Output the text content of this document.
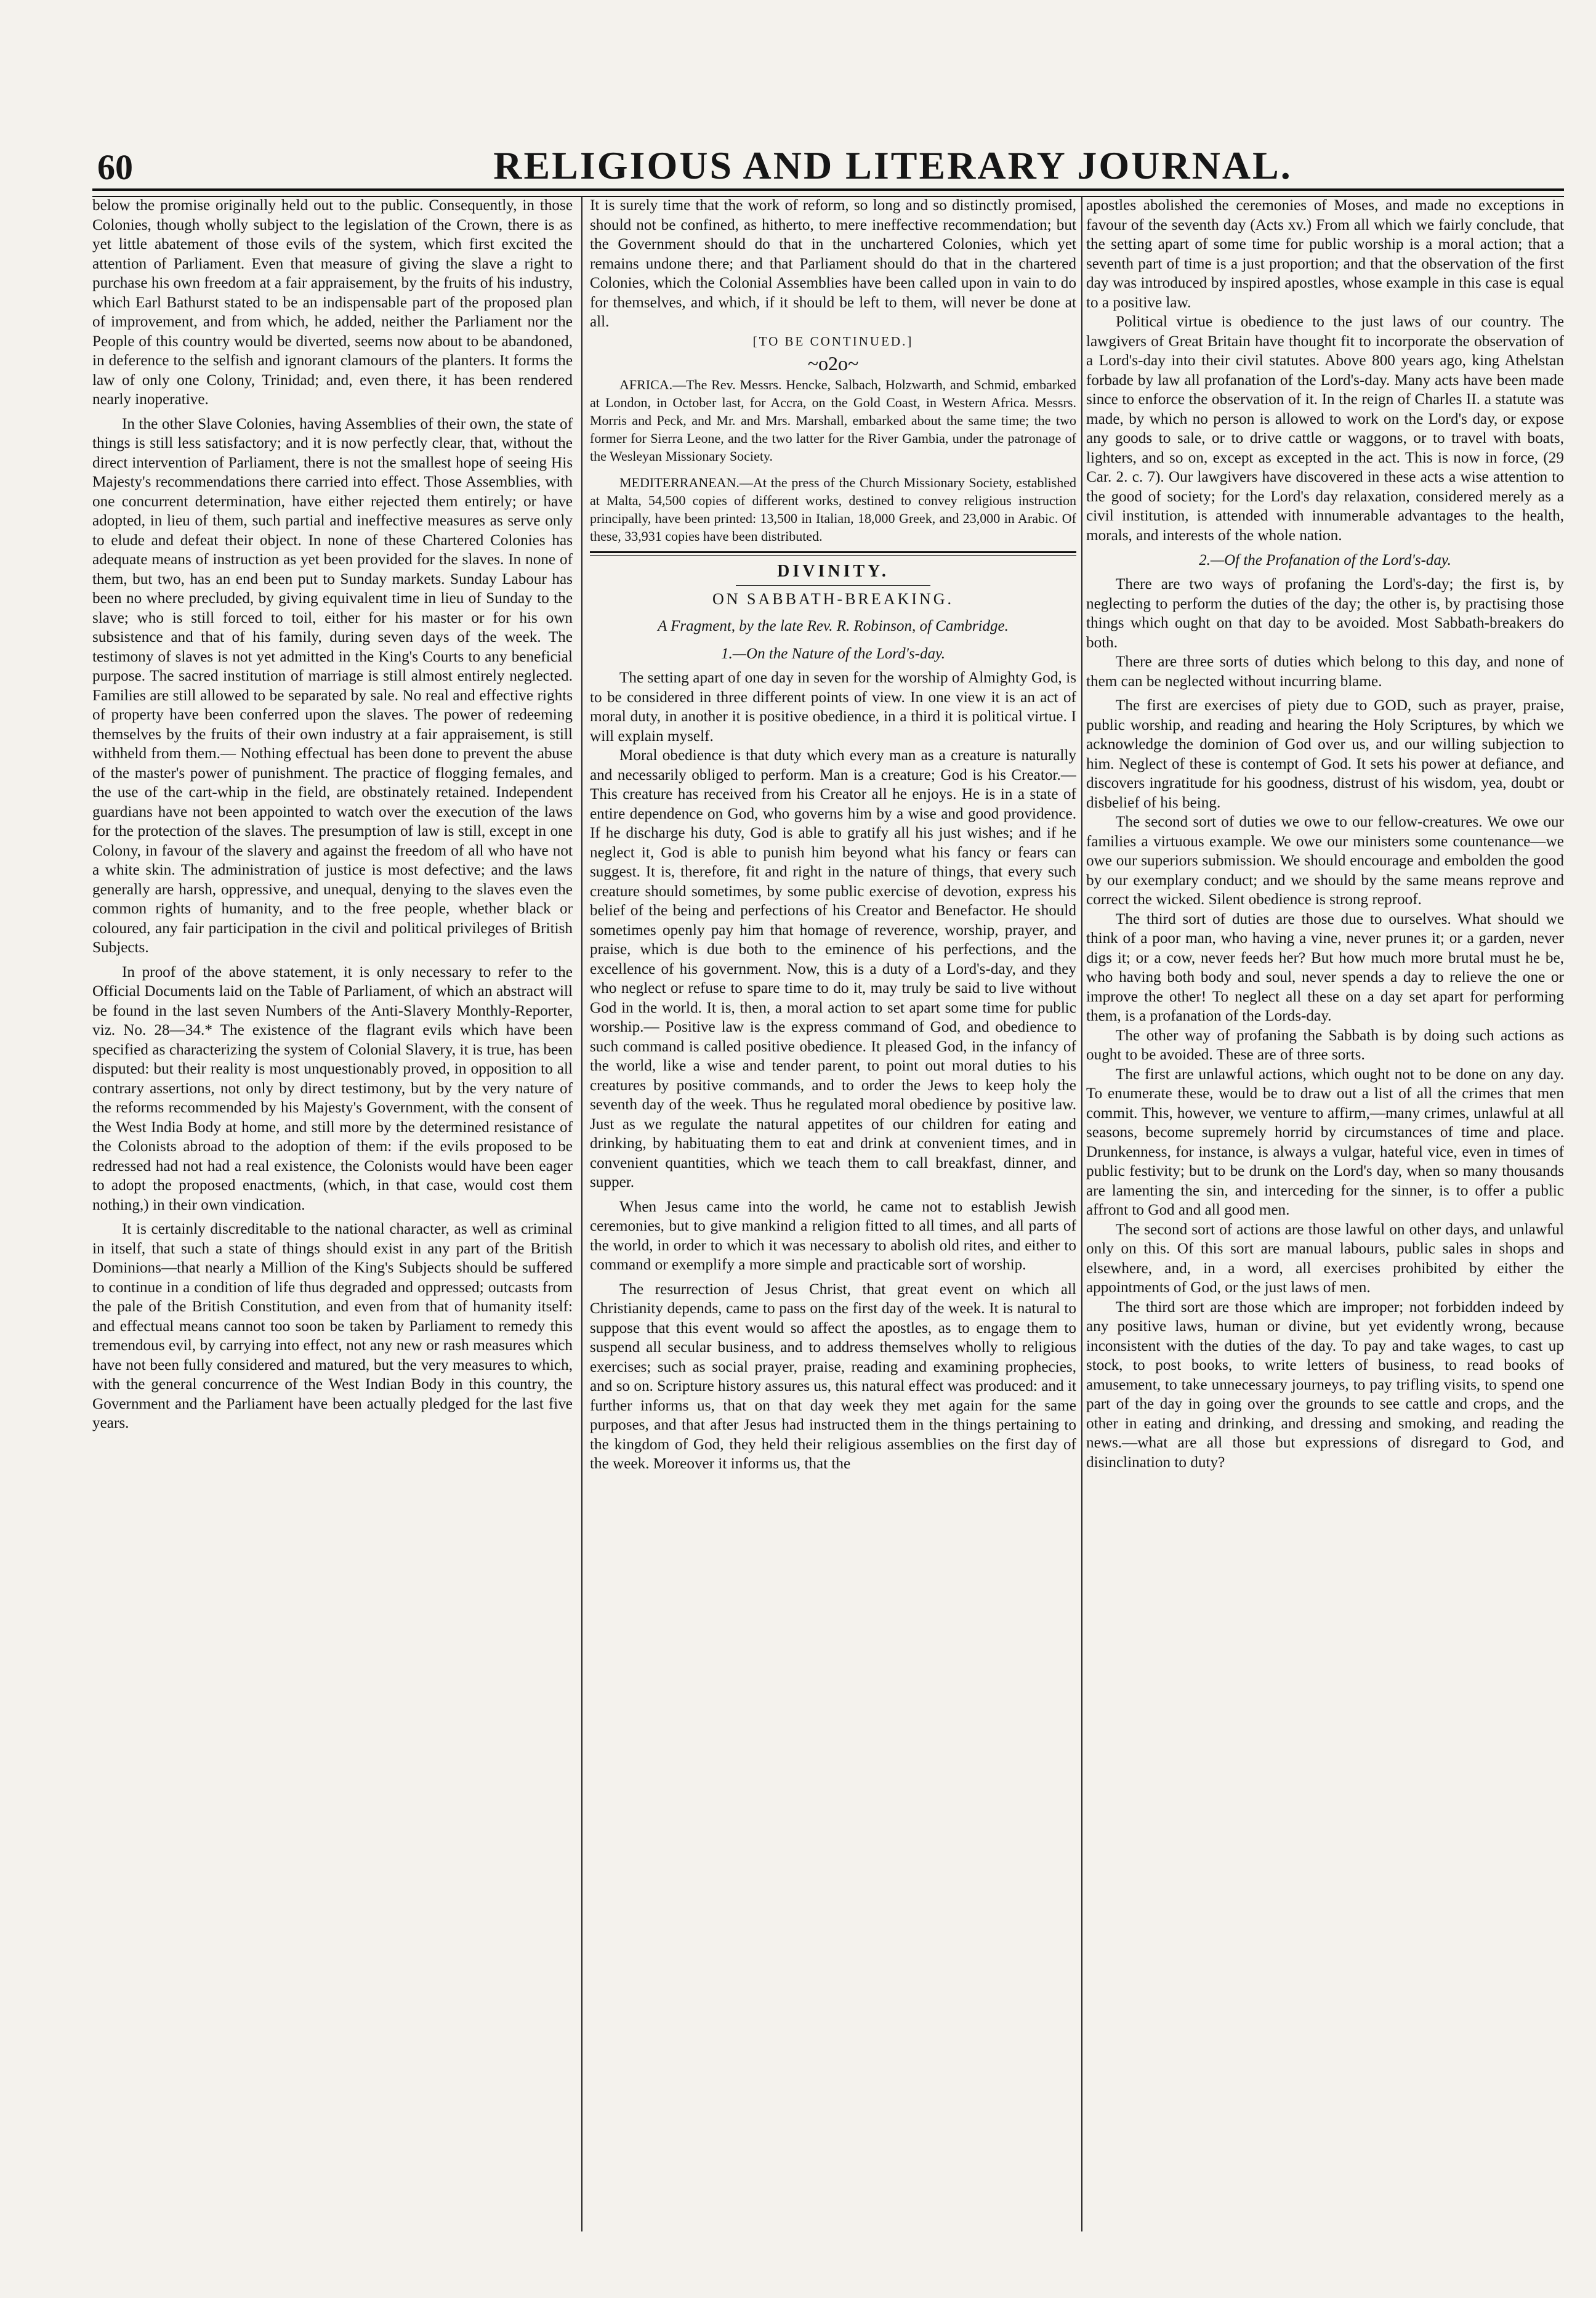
60	RELIGIOUS AND LITERARY JOURNAL.

below the promise originally held out to the public. Consequently, in those Colonies, though wholly subject to the legislation of the Crown, there is as yet little abatement of those evils of the system, which first excited the attention of Parliament. Even that measure of giving the slave a right to purchase his own freedom at a fair appraisement, by the fruits of his industry, which Earl Bathurst stated to be an indispensable part of the proposed plan of improvement, and from which, he added, neither the Parliament nor the People of this country would be diverted, seems now about to be abandoned, in deference to the selfish and ignorant clamours of the planters. It forms the law of only one Colony, Trinidad; and, even there, it has been rendered nearly inoperative.

In the other Slave Colonies, having Assemblies of their own, the state of things is still less satisfactory; and it is now perfectly clear, that, without the direct intervention of Parliament, there is not the smallest hope of seeing His Majesty's recommendations there carried into effect. Those Assemblies, with one concurrent determination, have either rejected them entirely; or have adopted, in lieu of them, such partial and ineffective measures as serve only to elude and defeat their object. In none of these Chartered Colonies has adequate means of instruction as yet been provided for the slaves. In none of them, but two, has an end been put to Sunday markets. Sunday Labour has been no where precluded, by giving equivalent time in lieu of Sunday to the slave; who is still forced to toil, either for his master or for his own subsistence and that of his family, during seven days of the week. The testimony of slaves is not yet admitted in the King's Courts to any beneficial purpose. The sacred institution of marriage is still almost entirely neglected. Families are still allowed to be separated by sale. No real and effective rights of property have been conferred upon the slaves. The power of redeeming themselves by the fruits of their own industry at a fair appraisement, is still withheld from them.— Nothing effectual has been done to prevent the abuse of the master's power of punishment. The practice of flogging females, and the use of the cart-whip in the field, are obstinately retained. Independent guardians have not been appointed to watch over the execution of the laws for the protection of the slaves. The presumption of law is still, except in one Colony, in favour of the slavery and against the freedom of all who have not a white skin. The administration of justice is most defective; and the laws generally are harsh, oppressive, and unequal, denying to the slaves even the common rights of humanity, and to the free people, whether black or coloured, any fair participation in the civil and political privileges of British Subjects.

In proof of the above statement, it is only necessary to refer to the Official Documents laid on the Table of Parliament, of which an abstract will be found in the last seven Numbers of the Anti-Slavery Monthly-Reporter, viz. No. 28—34.* The existence of the flagrant evils which have been specified as characterizing the system of Colonial Slavery, it is true, has been disputed: but their reality is most unquestionably proved, in opposition to all contrary assertions, not only by direct testimony, but by the very nature of the reforms recommended by his Majesty's Government, with the consent of the West India Body at home, and still more by the determined resistance of the Colonists abroad to the adoption of them: if the evils proposed to be redressed had not had a real existence, the Colonists would have been eager to adopt the proposed enactments, (which, in that case, would cost them nothing,) in their own vindication.

It is certainly discreditable to the national character, as well as criminal in itself, that such a state of things should exist in any part of the British Dominions—that nearly a Million of the King's Subjects should be suffered to continue in a condition of life thus degraded and oppressed; outcasts from the pale of the British Constitution, and even from that of humanity itself: and effectual means cannot too soon be taken by Parliament to remedy this tremendous evil, by carrying into effect, not any new or rash measures which have not been fully considered and matured, but the very measures to which, with the general concurrence of the West Indian Body in this country, the Government and the Parliament have been actually pledged for the last five years.

It is surely time that the work of reform, so long and so distinctly promised, should not be confined, as hitherto, to mere ineffective recommendation; but the Government should do that in the unchartered Colonies, which yet remains undone there; and that Parliament should do that in the chartered Colonies, which the Colonial Assemblies have been called upon in vain to do for themselves, and which, if it should be left to them, will never be done at all.

[TO BE CONTINUED.]

~o2o~

AFRICA.—The Rev. Messrs. Hencke, Salbach, Holzwarth, and Schmid, embarked at London, in October last, for Accra, on the Gold Coast, in Western Africa. Messrs. Morris and Peck, and Mr. and Mrs. Marshall, embarked about the same time; the two former for Sierra Leone, and the two latter for the River Gambia, under the patronage of the Wesleyan Missionary Society.

MEDITERRANEAN.—At the press of the Church Missionary Society, established at Malta, 54,500 copies of different works, destined to convey religious instruction principally, have been printed: 13,500 in Italian, 18,000 Greek, and 23,000 in Arabic. Of these, 33,931 copies have been distributed.

DIVINITY.
ON SABBATH-BREAKING.
A Fragment, by the late Rev. R. Robinson, of Cambridge.
1.—On the Nature of the Lord's-day.

The setting apart of one day in seven for the worship of Almighty God, is to be considered in three different points of view. In one view it is an act of moral duty, in another it is positive obedience, in a third it is political virtue. I will explain myself.

Moral obedience is that duty which every man as a creature is naturally and necessarily obliged to perform. Man is a creature; God is his Creator.— This creature has received from his Creator all he enjoys. He is in a state of entire dependence on God, who governs him by a wise and good providence. If he discharge his duty, God is able to gratify all his just wishes; and if he neglect it, God is able to punish him beyond what his fancy or fears can suggest. It is, therefore, fit and right in the nature of things, that every such creature should sometimes, by some public exercise of devotion, express his belief of the being and perfections of his Creator and Benefactor. He should sometimes openly pay him that homage of reverence, worship, prayer, and praise, which is due both to the eminence of his perfections, and the excellence of his government. Now, this is a duty of a Lord's-day, and they who neglect or refuse to spare time to do it, may truly be said to live without God in the world. It is, then, a moral action to set apart some time for public worship.— Positive law is the express command of God, and obedience to such command is called positive obedience. It pleased God, in the infancy of the world, like a wise and tender parent, to point out moral duties to his creatures by positive commands, and to order the Jews to keep holy the seventh day of the week. Thus he regulated moral obedience by positive law. Just as we regulate the natural appetites of our children for eating and drinking, by habituating them to eat and drink at convenient times, and in convenient quantities, which we teach them to call breakfast, dinner, and supper.

When Jesus came into the world, he came not to establish Jewish ceremonies, but to give mankind a religion fitted to all times, and all parts of the world, in order to which it was necessary to abolish old rites, and either to command or exemplify a more simple and practicable sort of worship.

The resurrection of Jesus Christ, that great event on which all Christianity depends, came to pass on the first day of the week. It is natural to suppose that this event would so affect the apostles, as to engage them to suspend all secular business, and to address themselves wholly to religious exercises; such as social prayer, praise, reading and examining prophecies, and so on. Scripture history assures us, this natural effect was produced: and it further informs us, that on that day week they met again for the same purposes, and that after Jesus had instructed them in the things pertaining to the kingdom of God, they held their religious assemblies on the first day of the week. Moreover it informs us, that the

apostles abolished the ceremonies of Moses, and made no exceptions in favour of the seventh day (Acts xv.) From all which we fairly conclude, that the setting apart of some time for public worship is a moral action; that a seventh part of time is a just proportion; and that the observation of the first day was introduced by inspired apostles, whose example in this case is equal to a positive law.

Political virtue is obedience to the just laws of our country. The lawgivers of Great Britain have thought fit to incorporate the observation of a Lord's-day into their civil statutes. Above 800 years ago, king Athelstan forbade by law all profanation of the Lord's-day. Many acts have been made since to enforce the observation of it. In the reign of Charles II. a statute was made, by which no person is allowed to work on the Lord's day, or expose any goods to sale, or to drive cattle or waggons, or to travel with boats, lighters, and so on, except as excepted in the act. This is now in force, (29 Car. 2. c. 7). Our lawgivers have discovered in these acts a wise attention to the good of society; for the Lord's day relaxation, considered merely as a civil institution, is attended with innumerable advantages to the health, morals, and interests of the whole nation.

2.—Of the Profanation of the Lord's-day.

There are two ways of profaning the Lord's-day; the first is, by neglecting to perform the duties of the day; the other is, by practising those things which ought on that day to be avoided. Most Sabbath-breakers do both.

There are three sorts of duties which belong to this day, and none of them can be neglected without incurring blame.

The first are exercises of piety due to GOD, such as prayer, praise, public worship, and reading and hearing the Holy Scriptures, by which we acknowledge the dominion of God over us, and our willing subjection to him. Neglect of these is contempt of God. It sets his power at defiance, and discovers ingratitude for his goodness, distrust of his wisdom, yea, doubt or disbelief of his being.

The second sort of duties we owe to our fellow-creatures. We owe our families a virtuous example. We owe our ministers some countenance—we owe our superiors submission. We should encourage and embolden the good by our exemplary conduct; and we should by the same means reprove and correct the wicked. Silent obedience is strong reproof.

The third sort of duties are those due to ourselves. What should we think of a poor man, who having a vine, never prunes it; or a garden, never digs it; or a cow, never feeds her? But how much more brutal must he be, who having both body and soul, never spends a day to relieve the one or improve the other! To neglect all these on a day set apart for performing them, is a profanation of the Lords-day.

The other way of profaning the Sabbath is by doing such actions as ought to be avoided. These are of three sorts.

The first are unlawful actions, which ought not to be done on any day. To enumerate these, would be to draw out a list of all the crimes that men commit. This, however, we venture to affirm,—many crimes, unlawful at all seasons, become supremely horrid by circumstances of time and place. Drunkenness, for instance, is always a vulgar, hateful vice, even in times of public festivity; but to be drunk on the Lord's day, when so many thousands are lamenting the sin, and interceding for the sinner, is to offer a public affront to God and all good men.

The second sort of actions are those lawful on other days, and unlawful only on this. Of this sort are manual labours, public sales in shops and elsewhere, and, in a word, all exercises prohibited by either the appointments of God, or the just laws of men.

The third sort are those which are improper; not forbidden indeed by any positive laws, human or divine, but yet evidently wrong, because inconsistent with the duties of the day. To pay and take wages, to cast up stock, to post books, to write letters of business, to read books of amusement, to take unnecessary journeys, to pay trifling visits, to spend one part of the day in going over the grounds to see cattle and crops, and the other in eating and drinking, and dressing and smoking, and reading the news.—what are all those but expressions of disregard to God, and disinclination to duty?
